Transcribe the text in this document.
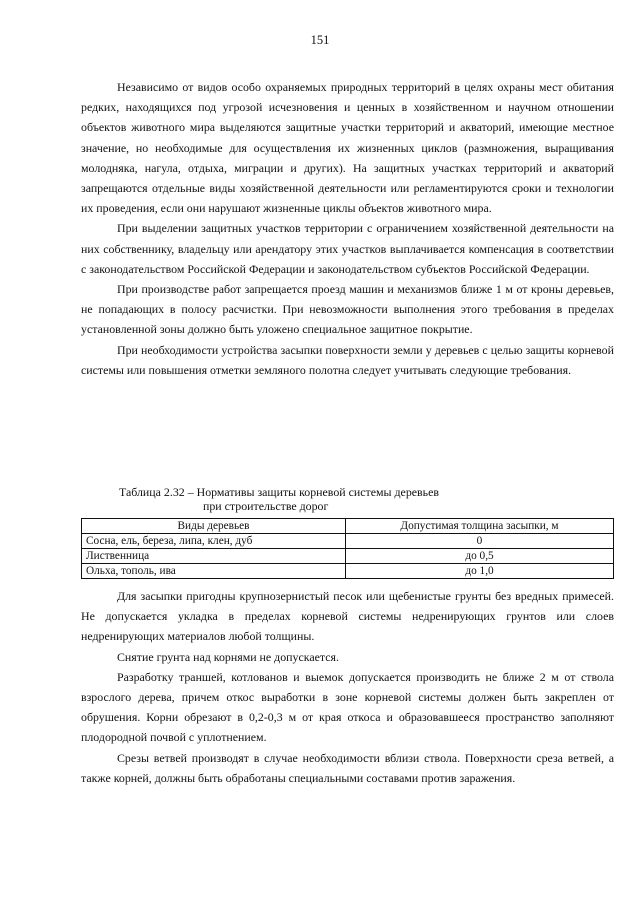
151

Независимо от видов особо охраняемых природных территорий в целях охраны мест обитания редких, находящихся под угрозой исчезновения и ценных в хозяйственном и научном отношении объектов животного мира выделяются защитные участки территорий и акваторий, имеющие местное значение, но необходимые для осуществления их жизненных циклов (размножения, выращивания молодняка, нагула, отдыха, миграции и других). На защитных участках территорий и акваторий запрещаются отдельные виды хозяйственной деятельности или регламентируются сроки и технологии их проведения, если они нарушают жизненные циклы объектов животного мира.

При выделении защитных участков территории с ограничением хозяйственной деятельности на них собственнику, владельцу или арендатору этих участков выплачивается компенсация в соответствии с законодательством Российской Федерации и законодательством субъектов Российской Федерации.

При производстве работ запрещается проезд машин и механизмов ближе 1 м от кроны деревьев, не попадающих в полосу расчистки. При невозможности выполнения этого требования в пределах установленной зоны должно быть уложено специальное защитное покрытие.

При необходимости устройства засыпки поверхности земли у деревьев с целью защиты корневой системы или повышения отметки земляного полотна следует учитывать следующие требования.

Таблица 2.32 – Нормативы защиты корневой системы деревьев
при строительстве дорог
Виды деревьев	Допустимая толщина засыпки, м
Сосна, ель, береза, липа, клен, дуб	0
Лиственница	до 0,5
Ольха, тополь, ива	до 1,0

Для засыпки пригодны крупнозернистый песок или щебенистые грунты без вредных примесей. Не допускается укладка в пределах корневой системы недренирующих грунтов или слоев недренирующих материалов любой толщины.

Снятие грунта над корнями не допускается.

Разработку траншей, котлованов и выемок допускается производить не ближе 2 м от ствола взрослого дерева, причем откос выработки в зоне корневой системы должен быть закреплен от обрушения. Корни обрезают в 0,2-0,3 м от края откоса и образовавшееся пространство заполняют плодородной почвой с уплотнением.

Срезы ветвей производят в случае необходимости вблизи ствола. Поверхности среза ветвей, а также корней, должны быть обработаны специальными составами против заражения.
